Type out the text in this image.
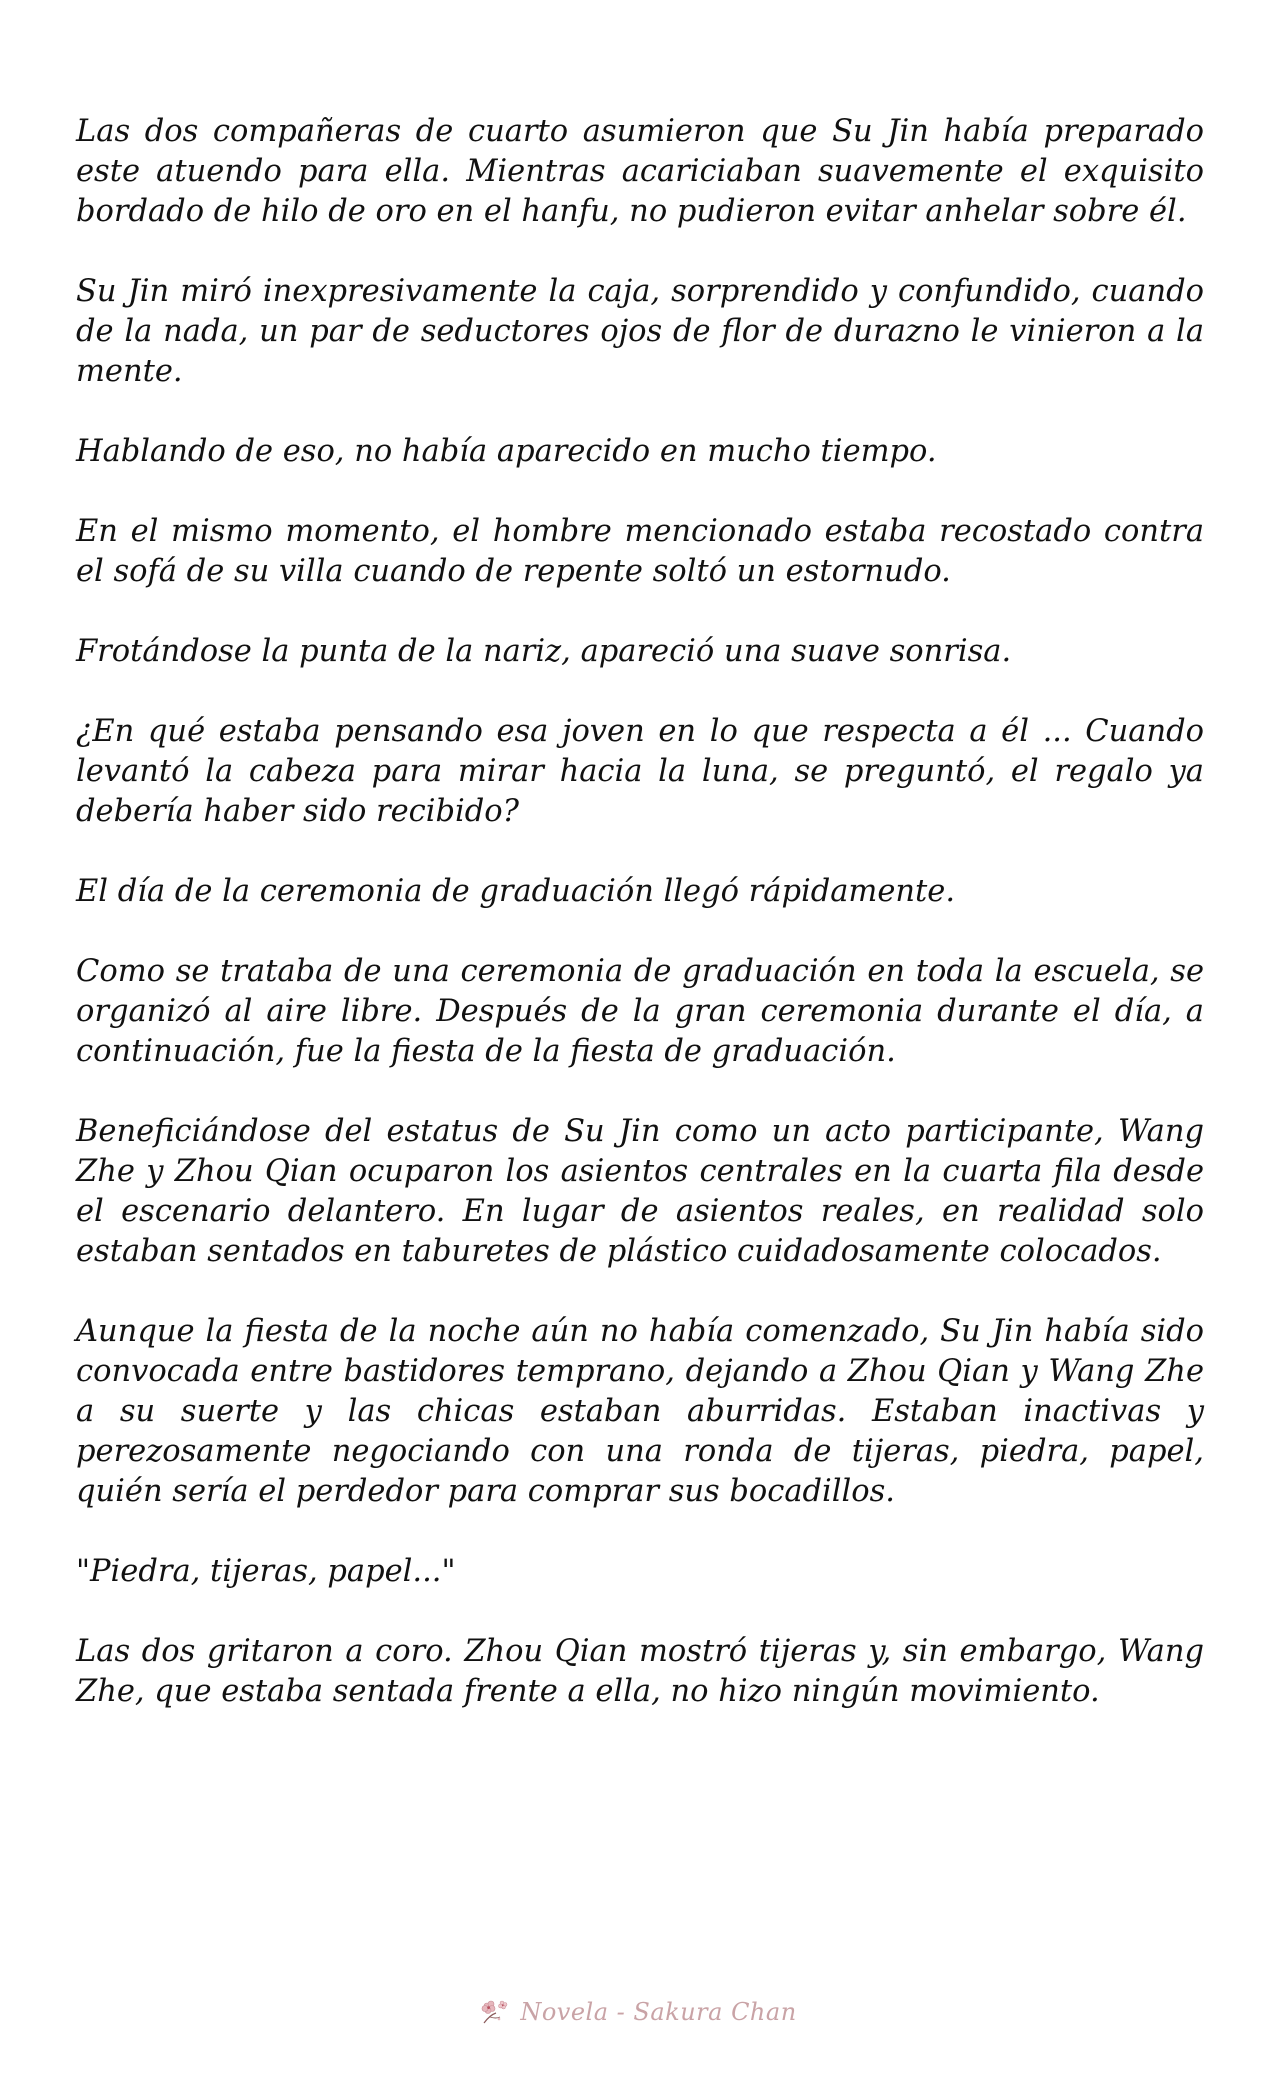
Las dos compañeras de cuarto asumieron que Su Jin había preparado este atuendo para ella. Mientras acariciaban suavemente el exquisito bordado de hilo de oro en el hanfu, no pudieron evitar anhelar sobre él.

Su Jin miró inexpresivamente la caja, sorprendido y confundido, cuando de la nada, un par de seductores ojos de flor de durazno le vinieron a la mente.

Hablando de eso, no había aparecido en mucho tiempo.

En el mismo momento, el hombre mencionado estaba recostado contra el sofá de su villa cuando de repente soltó un estornudo.

Frotándose la punta de la nariz, apareció una suave sonrisa.

¿En qué estaba pensando esa joven en lo que respecta a él ... Cuando levantó la cabeza para mirar hacia la luna, se preguntó, el regalo ya debería haber sido recibido?

El día de la ceremonia de graduación llegó rápidamente.

Como se trataba de una ceremonia de graduación en toda la escuela, se organizó al aire libre. Después de la gran ceremonia durante el día, a continuación, fue la fiesta de la fiesta de graduación.

Beneficiándose del estatus de Su Jin como un acto participante, Wang Zhe y Zhou Qian ocuparon los asientos centrales en la cuarta fila desde el escenario delantero. En lugar de asientos reales, en realidad solo estaban sentados en taburetes de plástico cuidadosamente colocados.

Aunque la fiesta de la noche aún no había comenzado, Su Jin había sido convocada entre bastidores temprano, dejando a Zhou Qian y Wang Zhe a su suerte y las chicas estaban aburridas. Estaban inactivas y perezosamente negociando con una ronda de tijeras, piedra, papel, quién sería el perdedor para comprar sus bocadillos.

"Piedra, tijeras, papel..."

Las dos gritaron a coro. Zhou Qian mostró tijeras y, sin embargo, Wang Zhe, que estaba sentada frente a ella, no hizo ningún movimiento.

Novela - Sakura Chan
